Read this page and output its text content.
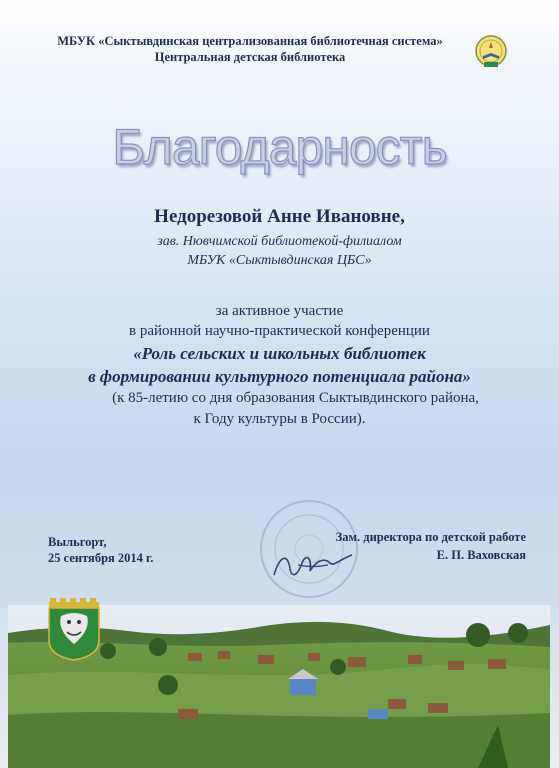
МБУК «Сыктывдинская централизованная библиотечная система»
Центральная детская библиотека
Благодарность
Недорезовой Анне Ивановне,
зав. Нювчимской библиотекой-филиалом
МБУК «Сыктывдинская ЦБС»
за активное участие
в районной научно-практической конференции
«Роль сельских и школьных библиотек
в формировании культурного потенциала района»
(к 85-летию со дня образования Сыктывдинского района,
к Году культуры в России).
Выльгорт,
25 сентября 2014 г.
Зам. директора по детской работе
Е. П. Ваховская
